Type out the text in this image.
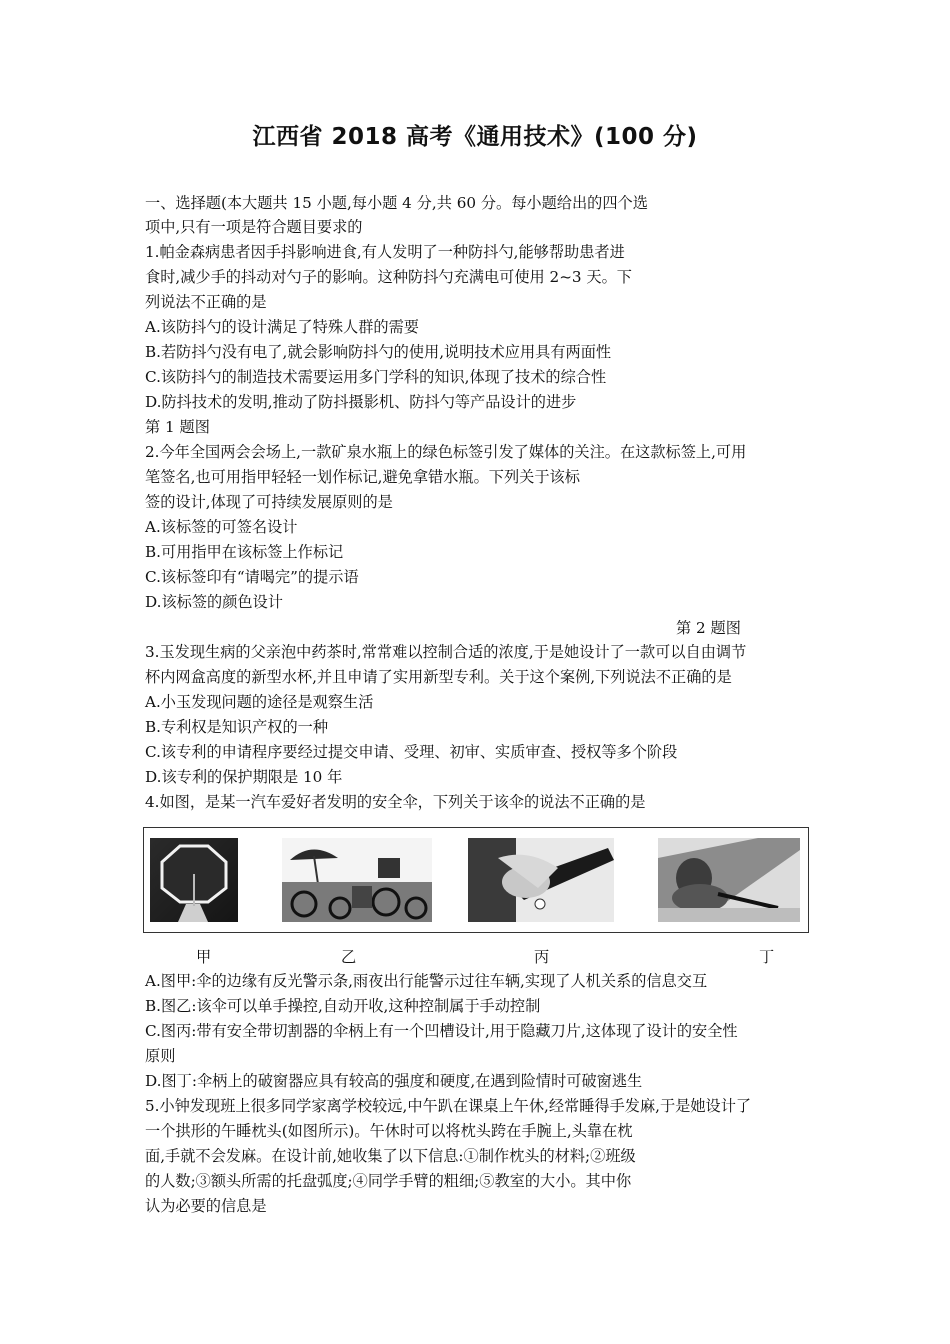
江西省 2018 高考《通用技术》(100 分)
一、选择题(本大题共 15 小题,每小题 4 分,共 60 分。每小题给出的四个选
项中,只有一项是符合题目要求的
1.帕金森病患者因手抖影响进食,有人发明了一种防抖勺,能够帮助患者进
食时,减少手的抖动对勺子的影响。这种防抖勺充满电可使用 2~3 天。下
列说法不正确的是
A.该防抖勺的设计满足了特殊人群的需要
B.若防抖勺没有电了,就会影响防抖勺的使用,说明技术应用具有两面性
C.该防抖勺的制造技术需要运用多门学科的知识,体现了技术的综合性
D.防抖技术的发明,推动了防抖摄影机、防抖勺等产品设计的进步
第 1 题图
2.今年全国两会会场上,一款矿泉水瓶上的绿色标签引发了媒体的关注。在这款标签上,可用
笔签名,也可用指甲轻轻一划作标记,避免拿错水瓶。下列关于该标
签的设计,体现了可持续发展原则的是
A.该标签的可签名设计
B.可用指甲在该标签上作标记
C.该标签印有“请喝完”的提示语
D.该标签的颜色设计
第 2 题图
3.玉发现生病的父亲泡中药茶时,常常难以控制合适的浓度,于是她设计了一款可以自由调节
杯内网盒高度的新型水杯,并且申请了实用新型专利。关于这个案例,下列说法不正确的是
A.小玉发现问题的途径是观察生活
B.专利权是知识产权的一种
C.该专利的申请程序要经过提交申请、受理、初审、实质审查、授权等多个阶段
D.该专利的保护期限是 10 年
4.如图，是某一汽车爱好者发明的安全伞，下列关于该伞的说法不正确的是
甲	乙	丙	丁
A.图甲:伞的边缘有反光警示条,雨夜出行能警示过往车辆,实现了人机关系的信息交互
B.图乙:该伞可以单手操控,自动开收,这种控制属于手动控制
C.图丙:带有安全带切割器的伞柄上有一个凹槽设计,用于隐藏刀片,这体现了设计的安全性
原则
D.图丁:伞柄上的破窗器应具有较高的强度和硬度,在遇到险情时可破窗逃生
5.小钟发现班上很多同学家离学校较远,中午趴在课桌上午休,经常睡得手发麻,于是她设计了
一个拱形的午睡枕头(如图所示)。午休时可以将枕头跨在手腕上,头靠在枕
面,手就不会发麻。在设计前,她收集了以下信息:①制作枕头的材料;②班级
的人数;③额头所需的托盘弧度;④同学手臂的粗细;⑤教室的大小。其中你
认为必要的信息是
